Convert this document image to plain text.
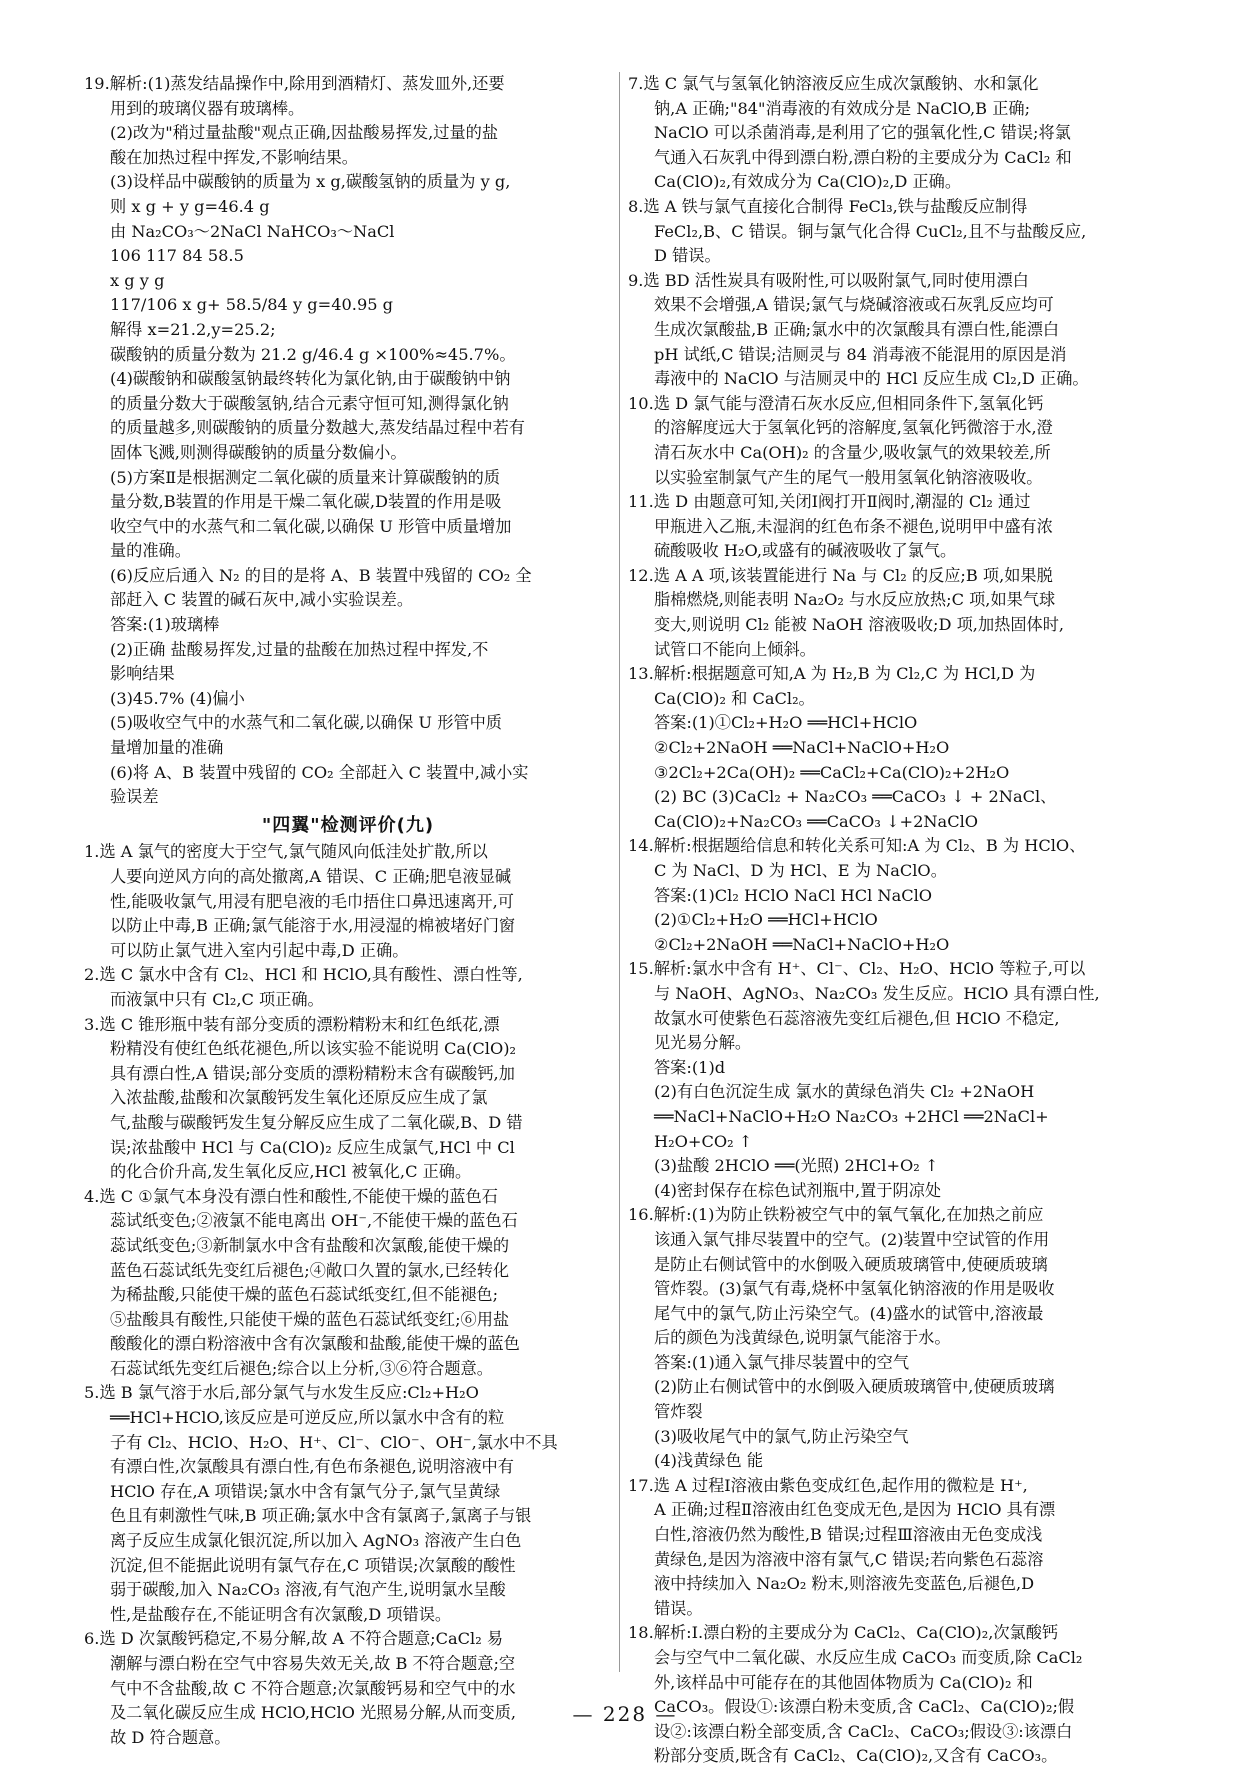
19.解析:(1)蒸发结晶操作中,除用到酒精灯、蒸发皿外,还要
用到的玻璃仪器有玻璃棒。
(2)改为"稍过量盐酸"观点正确,因盐酸易挥发,过量的盐
酸在加热过程中挥发,不影响结果。
(3)设样品中碳酸钠的质量为 x g,碳酸氢钠的质量为 y g,
则 x g + y g=46.4 g
由 Na₂CO₃～2NaCl NaHCO₃～NaCl
106 117 84 58.5
x g y g
117/106 x g+ 58.5/84 y g=40.95 g
解得 x=21.2,y=25.2;
碳酸钠的质量分数为 21.2 g/46.4 g ×100%≈45.7%。
(4)碳酸钠和碳酸氢钠最终转化为氯化钠,由于碳酸钠中钠
的质量分数大于碳酸氢钠,结合元素守恒可知,测得氯化钠
的质量越多,则碳酸钠的质量分数越大,蒸发结晶过程中若有
固体飞溅,则测得碳酸钠的质量分数偏小。
(5)方案Ⅱ是根据测定二氧化碳的质量来计算碳酸钠的质
量分数,B装置的作用是干燥二氧化碳,D装置的作用是吸
收空气中的水蒸气和二氧化碳,以确保 U 形管中质量增加
量的准确。
(6)反应后通入 N₂ 的目的是将 A、B 装置中残留的 CO₂ 全
部赶入 C 装置的碱石灰中,减小实验误差。
答案:(1)玻璃棒
(2)正确 盐酸易挥发,过量的盐酸在加热过程中挥发,不
影响结果
(3)45.7% (4)偏小
(5)吸收空气中的水蒸气和二氧化碳,以确保 U 形管中质
量增加量的准确
(6)将 A、B 装置中残留的 CO₂ 全部赶入 C 装置中,减小实
验误差
"四翼"检测评价(九)
1.选 A 氯气的密度大于空气,氯气随风向低洼处扩散,所以
人要向逆风方向的高处撤离,A 错误、C 正确;肥皂液显碱
性,能吸收氯气,用浸有肥皂液的毛巾捂住口鼻迅速离开,可
以防止中毒,B 正确;氯气能溶于水,用浸湿的棉被堵好门窗
可以防止氯气进入室内引起中毒,D 正确。
2.选 C 氯水中含有 Cl₂、HCl 和 HClO,具有酸性、漂白性等,
而液氯中只有 Cl₂,C 项正确。
3.选 C 锥形瓶中装有部分变质的漂粉精粉末和红色纸花,漂
粉精没有使红色纸花褪色,所以该实验不能说明 Ca(ClO)₂
具有漂白性,A 错误;部分变质的漂粉精粉末含有碳酸钙,加
入浓盐酸,盐酸和次氯酸钙发生氧化还原反应生成了氯
气,盐酸与碳酸钙发生复分解反应生成了二氧化碳,B、D 错
误;浓盐酸中 HCl 与 Ca(ClO)₂ 反应生成氯气,HCl 中 Cl
的化合价升高,发生氧化反应,HCl 被氧化,C 正确。
4.选 C ①氯气本身没有漂白性和酸性,不能使干燥的蓝色石
蕊试纸变色;②液氯不能电离出 OH⁻,不能使干燥的蓝色石
蕊试纸变色;③新制氯水中含有盐酸和次氯酸,能使干燥的
蓝色石蕊试纸先变红后褪色;④敞口久置的氯水,已经转化
为稀盐酸,只能使干燥的蓝色石蕊试纸变红,但不能褪色;
⑤盐酸具有酸性,只能使干燥的蓝色石蕊试纸变红;⑥用盐
酸酸化的漂白粉溶液中含有次氯酸和盐酸,能使干燥的蓝色
石蕊试纸先变红后褪色;综合以上分析,③⑥符合题意。
5.选 B 氯气溶于水后,部分氯气与水发生反应:Cl₂+H₂O
══HCl+HClO,该反应是可逆反应,所以氯水中含有的粒
子有 Cl₂、HClO、H₂O、H⁺、Cl⁻、ClO⁻、OH⁻,氯水中不具
有漂白性,次氯酸具有漂白性,有色布条褪色,说明溶液中有
HClO 存在,A 项错误;氯水中含有氯气分子,氯气呈黄绿
色且有刺激性气味,B 项正确;氯水中含有氯离子,氯离子与银
离子反应生成氯化银沉淀,所以加入 AgNO₃ 溶液产生白色
沉淀,但不能据此说明有氯气存在,C 项错误;次氯酸的酸性
弱于碳酸,加入 Na₂CO₃ 溶液,有气泡产生,说明氯水呈酸
性,是盐酸存在,不能证明含有次氯酸,D 项错误。
6.选 D 次氯酸钙稳定,不易分解,故 A 不符合题意;CaCl₂ 易
潮解与漂白粉在空气中容易失效无关,故 B 不符合题意;空
气中不含盐酸,故 C 不符合题意;次氯酸钙易和空气中的水
及二氧化碳反应生成 HClO,HClO 光照易分解,从而变质,
故 D 符合题意。
7.选 C 氯气与氢氧化钠溶液反应生成次氯酸钠、水和氯化
钠,A 正确;"84"消毒液的有效成分是 NaClO,B 正确;
NaClO 可以杀菌消毒,是利用了它的强氧化性,C 错误;将氯
气通入石灰乳中得到漂白粉,漂白粉的主要成分为 CaCl₂ 和
Ca(ClO)₂,有效成分为 Ca(ClO)₂,D 正确。
8.选 A 铁与氯气直接化合制得 FeCl₃,铁与盐酸反应制得
FeCl₂,B、C 错误。铜与氯气化合得 CuCl₂,且不与盐酸反应,
D 错误。
9.选 BD 活性炭具有吸附性,可以吸附氯气,同时使用漂白
效果不会增强,A 错误;氯气与烧碱溶液或石灰乳反应均可
生成次氯酸盐,B 正确;氯水中的次氯酸具有漂白性,能漂白
pH 试纸,C 错误;洁厕灵与 84 消毒液不能混用的原因是消
毒液中的 NaClO 与洁厕灵中的 HCl 反应生成 Cl₂,D 正确。
10.选 D 氯气能与澄清石灰水反应,但相同条件下,氢氧化钙
的溶解度远大于氢氧化钙的溶解度,氢氧化钙微溶于水,澄
清石灰水中 Ca(OH)₂ 的含量少,吸收氯气的效果较差,所
以实验室制氯气产生的尾气一般用氢氧化钠溶液吸收。
11.选 D 由题意可知,关闭Ⅰ阀打开Ⅱ阀时,潮湿的 Cl₂ 通过
甲瓶进入乙瓶,未湿润的红色布条不褪色,说明甲中盛有浓
硫酸吸收 H₂O,或盛有的碱液吸收了氯气。
12.选 A A 项,该装置能进行 Na 与 Cl₂ 的反应;B 项,如果脱
脂棉燃烧,则能表明 Na₂O₂ 与水反应放热;C 项,如果气球
变大,则说明 Cl₂ 能被 NaOH 溶液吸收;D 项,加热固体时,
试管口不能向上倾斜。
13.解析:根据题意可知,A 为 H₂,B 为 Cl₂,C 为 HCl,D 为
Ca(ClO)₂ 和 CaCl₂。
答案:(1)①Cl₂+H₂O ══HCl+HClO
②Cl₂+2NaOH ══NaCl+NaClO+H₂O
③2Cl₂+2Ca(OH)₂ ══CaCl₂+Ca(ClO)₂+2H₂O
(2) BC (3)CaCl₂ + Na₂CO₃ ══CaCO₃ ↓ + 2NaCl、
Ca(ClO)₂+Na₂CO₃ ══CaCO₃ ↓+2NaClO
14.解析:根据题给信息和转化关系可知:A 为 Cl₂、B 为 HClO、
C 为 NaCl、D 为 HCl、E 为 NaClO。
答案:(1)Cl₂ HClO NaCl HCl NaClO
(2)①Cl₂+H₂O ══HCl+HClO
②Cl₂+2NaOH ══NaCl+NaClO+H₂O
15.解析:氯水中含有 H⁺、Cl⁻、Cl₂、H₂O、HClO 等粒子,可以
与 NaOH、AgNO₃、Na₂CO₃ 发生反应。HClO 具有漂白性,
故氯水可使紫色石蕊溶液先变红后褪色,但 HClO 不稳定,
见光易分解。
答案:(1)d
(2)有白色沉淀生成 氯水的黄绿色消失 Cl₂ +2NaOH
══NaCl+NaClO+H₂O Na₂CO₃ +2HCl ══2NaCl+
H₂O+CO₂ ↑
(3)盐酸 2HClO ══(光照) 2HCl+O₂ ↑
(4)密封保存在棕色试剂瓶中,置于阴凉处
16.解析:(1)为防止铁粉被空气中的氧气氧化,在加热之前应
该通入氯气排尽装置中的空气。(2)装置中空试管的作用
是防止右侧试管中的水倒吸入硬质玻璃管中,使硬质玻璃
管炸裂。(3)氯气有毒,烧杯中氢氧化钠溶液的作用是吸收
尾气中的氯气,防止污染空气。(4)盛水的试管中,溶液最
后的颜色为浅黄绿色,说明氯气能溶于水。
答案:(1)通入氯气排尽装置中的空气
(2)防止右侧试管中的水倒吸入硬质玻璃管中,使硬质玻璃
管炸裂
(3)吸收尾气中的氯气,防止污染空气
(4)浅黄绿色 能
17.选 A 过程Ⅰ溶液由紫色变成红色,起作用的微粒是 H⁺,
A 正确;过程Ⅱ溶液由红色变成无色,是因为 HClO 具有漂
白性,溶液仍然为酸性,B 错误;过程Ⅲ溶液由无色变成浅
黄绿色,是因为溶液中溶有氯气,C 错误;若向紫色石蕊溶
液中持续加入 Na₂O₂ 粉末,则溶液先变蓝色,后褪色,D
错误。
18.解析:Ⅰ.漂白粉的主要成分为 CaCl₂、Ca(ClO)₂,次氯酸钙
会与空气中二氧化碳、水反应生成 CaCO₃ 而变质,除 CaCl₂
外,该样品中可能存在的其他固体物质为 Ca(ClO)₂ 和
CaCO₃。假设①:该漂白粉未变质,含 CaCl₂、Ca(ClO)₂;假
设②:该漂白粉全部变质,含 CaCl₂、CaCO₃;假设③:该漂白
粉部分变质,既含有 CaCl₂、Ca(ClO)₂,又含有 CaCO₃。
— 228 —
